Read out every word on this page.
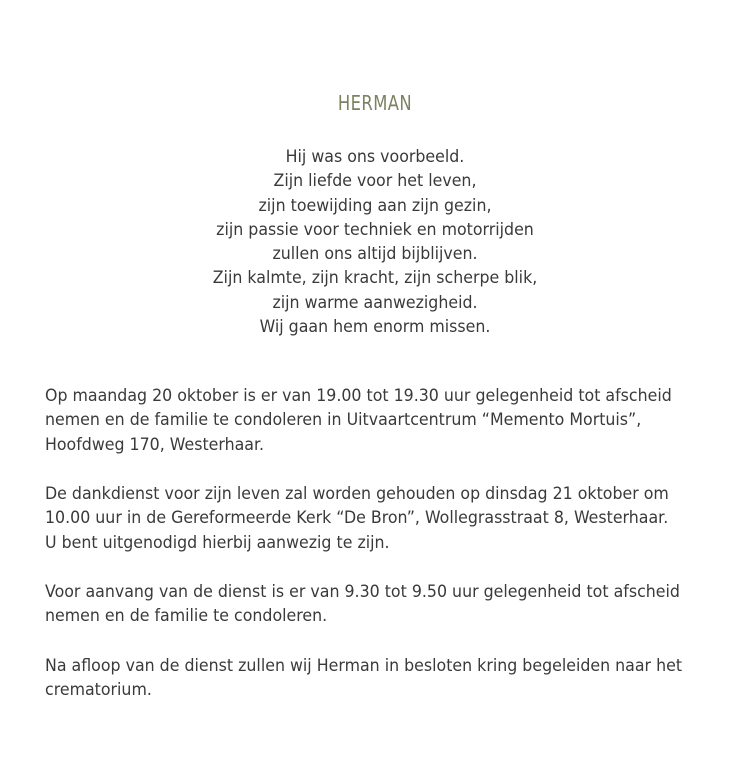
HERMAN
Hij was ons voorbeeld.
Zijn liefde voor het leven,
zijn toewijding aan zijn gezin,
zijn passie voor techniek en motorrijden
zullen ons altijd bijblijven.
Zijn kalmte, zijn kracht, zijn scherpe blik,
zijn warme aanwezigheid.
Wij gaan hem enorm missen.
Op maandag 20 oktober is er van 19.00 tot 19.30 uur gelegenheid tot afscheid
nemen en de familie te condoleren in Uitvaartcentrum “Memento Mortuis”,
Hoofdweg 170, Westerhaar.
De dankdienst voor zijn leven zal worden gehouden op dinsdag 21 oktober om
10.00 uur in de Gereformeerde Kerk “De Bron”, Wollegrasstraat 8, Westerhaar.
U bent uitgenodigd hierbij aanwezig te zijn.
Voor aanvang van de dienst is er van 9.30 tot 9.50 uur gelegenheid tot afscheid
nemen en de familie te condoleren.
Na afloop van de dienst zullen wij Herman in besloten kring begeleiden naar het
crematorium.
